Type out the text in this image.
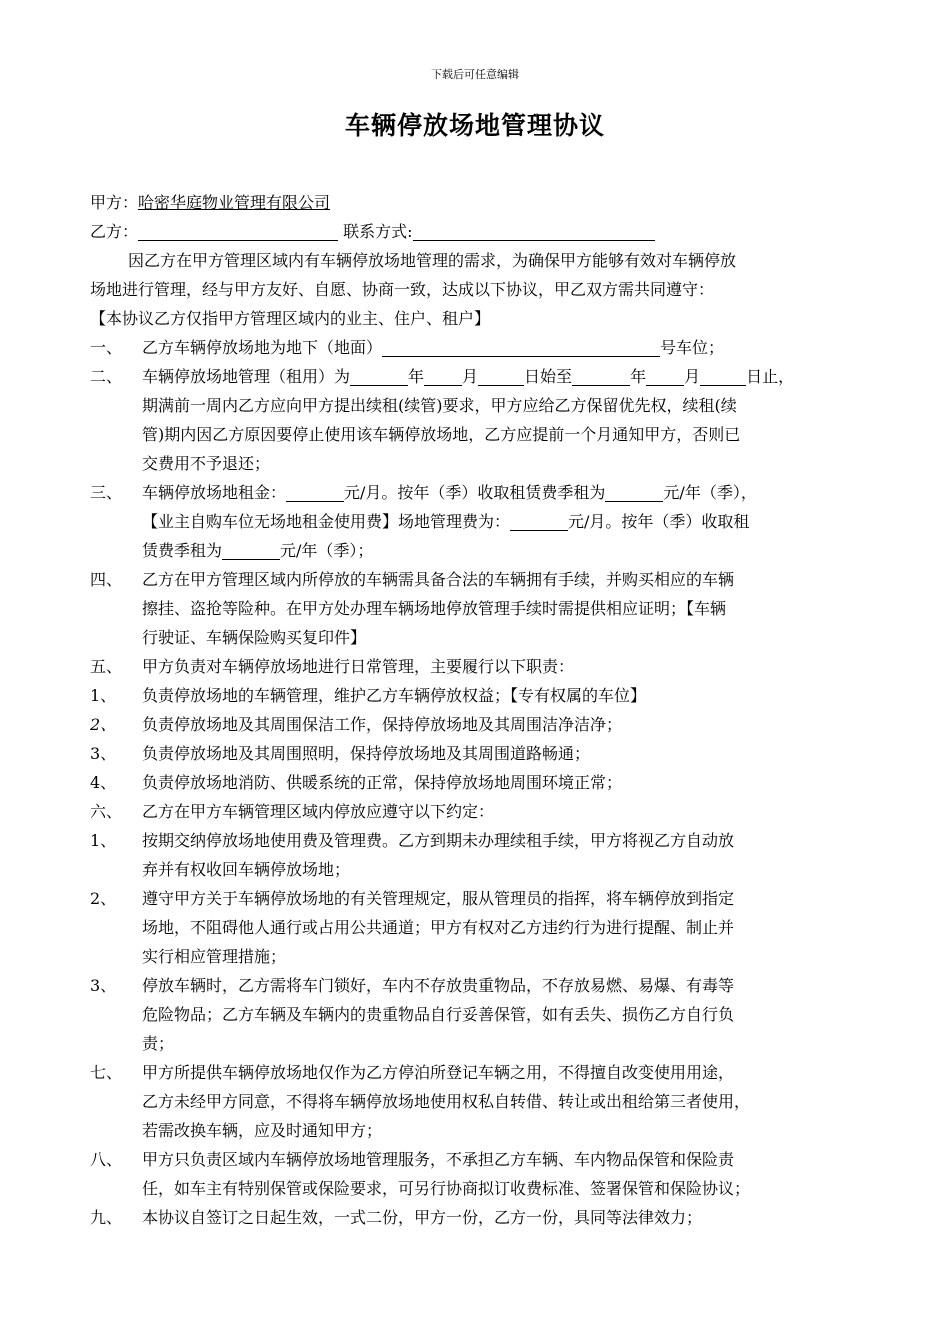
下载后可任意编辑
车辆停放场地管理协议
甲方：哈密华庭物业管理有限公司
乙方：	联系方式:
因乙方在甲方管理区域内有车辆停放场地管理的需求，为确保甲方能够有效对车辆停放
场地进行管理，经与甲方友好、自愿、协商一致，达成以下协议，甲乙双方需共同遵守：
【本协议乙方仅指甲方管理区域内的业主、住户、租户】
一、	乙方车辆停放场地为地下（地面）	号车位；
二、	车辆停放场地管理（租用）为	年 月	日始至	年 月	日止，
期满前一周内乙方应向甲方提出续租(续管)要求，甲方应给乙方保留优先权，续租(续
管)期内因乙方原因要停止使用该车辆停放场地，乙方应提前一个月通知甲方，否则已
交费用不予退还；
三、	车辆停放场地租金：	元/月。按年（季）收取租赁费季租为	元/年（季），
【业主自购车位无场地租金使用费】场地管理费为：	元/月。按年（季）收取租
赁费季租为	元/年（季）；
四、	乙方在甲方管理区域内所停放的车辆需具备合法的车辆拥有手续，并购买相应的车辆
擦挂、盗抢等险种。在甲方处办理车辆场地停放管理手续时需提供相应证明；【车辆
行驶证、车辆保险购买复印件】
五、	甲方负责对车辆停放场地进行日常管理，主要履行以下职责：
1、	负责停放场地的车辆管理，维护乙方车辆停放权益；【专有权属的车位】
2、	负责停放场地及其周围保洁工作，保持停放场地及其周围洁净洁净；
3、	负责停放场地及其周围照明，保持停放场地及其周围道路畅通；
4、	负责停放场地消防、供暖系统的正常，保持停放场地周围环境正常；
六、	乙方在甲方车辆管理区域内停放应遵守以下约定：
1、	按期交纳停放场地使用费及管理费。乙方到期未办理续租手续，甲方将视乙方自动放
弃并有权收回车辆停放场地；
2、	遵守甲方关于车辆停放场地的有关管理规定，服从管理员的指挥，将车辆停放到指定
场地，不阻碍他人通行或占用公共通道；甲方有权对乙方违约行为进行提醒、制止并
实行相应管理措施；
3、	停放车辆时，乙方需将车门锁好，车内不存放贵重物品，不存放易燃、易爆、有毒等
危险物品；乙方车辆及车辆内的贵重物品自行妥善保管，如有丢失、损伤乙方自行负
责；
七、	甲方所提供车辆停放场地仅作为乙方停泊所登记车辆之用，不得擅自改变使用用途，
乙方未经甲方同意，不得将车辆停放场地使用权私自转借、转让或出租给第三者使用，
若需改换车辆，应及时通知甲方；
八、	甲方只负责区域内车辆停放场地管理服务，不承担乙方车辆、车内物品保管和保险责
任，如车主有特别保管或保险要求，可另行协商拟订收费标准、签署保管和保险协议；
九、	本协议自签订之日起生效，一式二份，甲方一份，乙方一份，具同等法律效力；
